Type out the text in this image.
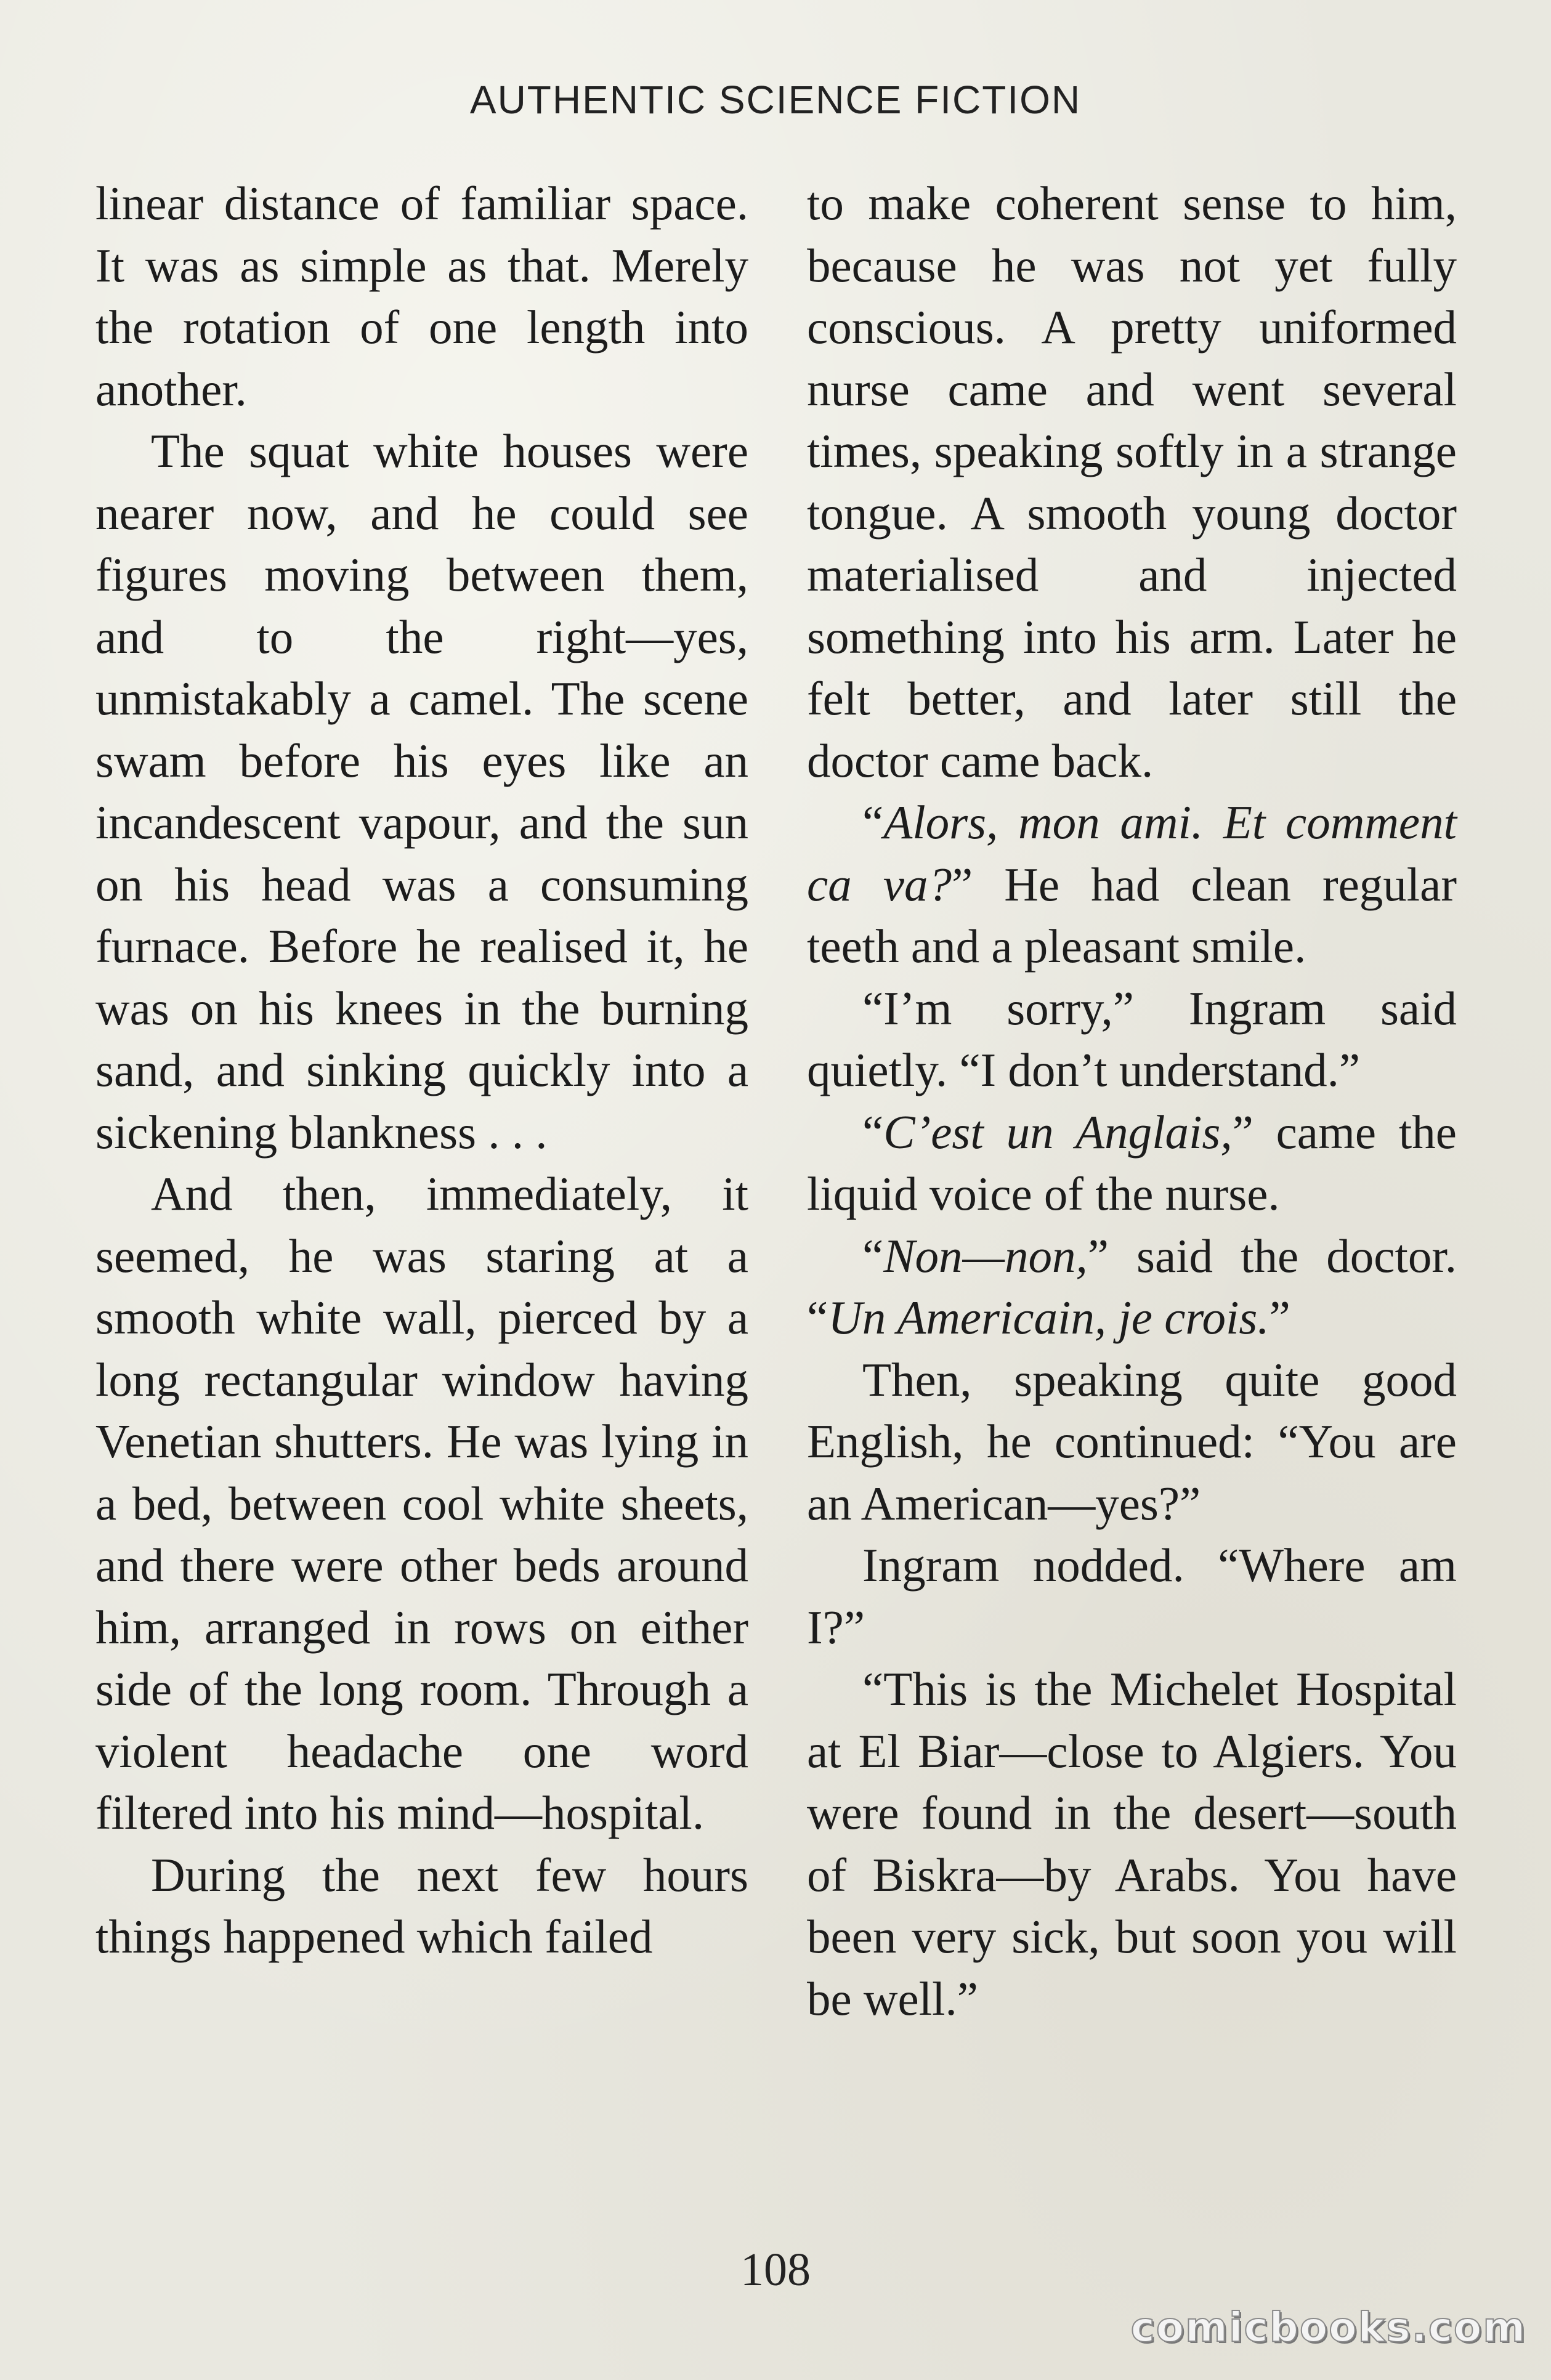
AUTHENTIC SCIENCE FICTION

linear distance of familiar space. It was as simple as that. Merely the rotation of one length into another.

The squat white houses were nearer now, and he could see figures moving between them, and to the right—yes, unmistakably a camel. The scene swam before his eyes like an incandescent vapour, and the sun on his head was a consuming furnace. Before he realised it, he was on his knees in the burning sand, and sinking quickly into a sickening blankness . . .

And then, immediately, it seemed, he was staring at a smooth white wall, pierced by a long rectangular window having Venetian shutters. He was lying in a bed, between cool white sheets, and there were other beds around him, arranged in rows on either side of the long room. Through a violent headache one word filtered into his mind—hospital.

During the next few hours things happened which failed

to make coherent sense to him, because he was not yet fully conscious. A pretty uniformed nurse came and went several times, speaking softly in a strange tongue. A smooth young doctor materialised and injected something into his arm. Later he felt better, and later still the doctor came back.

“Alors, mon ami. Et comment ca va?” He had clean regular teeth and a pleasant smile.

“I’m sorry,” Ingram said quietly. “I don’t understand.”

“C’est un Anglais,” came the liquid voice of the nurse.

“Non—non,” said the doctor. “Un Americain, je crois.”

Then, speaking quite good English, he continued: “You are an American—yes?”

Ingram nodded. “Where am I?”

“This is the Michelet Hospital at El Biar—close to Algiers. You were found in the desert—south of Biskra—by Arabs. You have been very sick, but soon you will be well.”

108
comicbooks.com
